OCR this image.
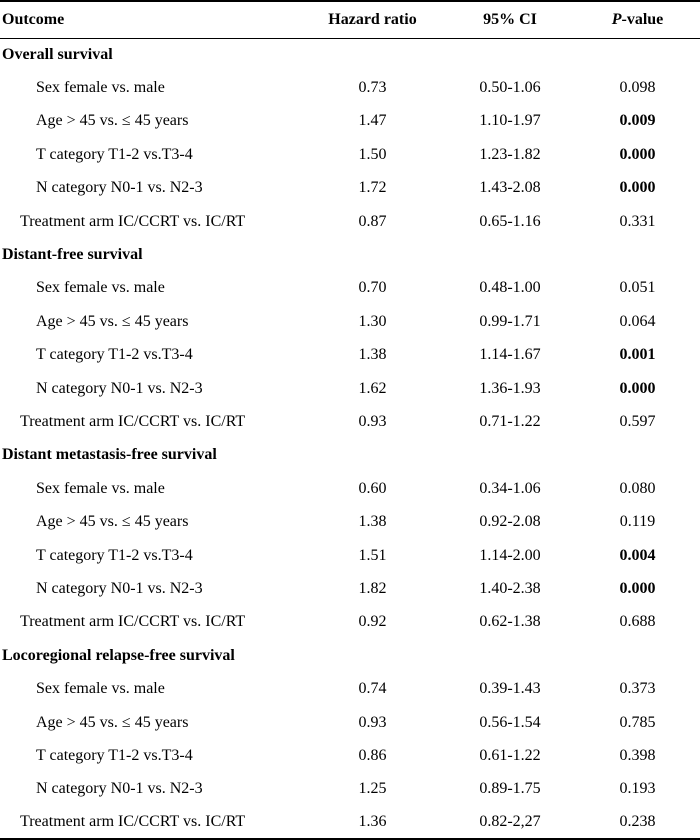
Outcome	Hazard ratio	95% CI	P-value
Overall survival			
Sex female vs. male	0.73	0.50-1.06	0.098
Age > 45 vs. ≤ 45 years	1.47	1.10-1.97	0.009
T category T1-2 vs.T3-4	1.50	1.23-1.82	0.000
N category N0-1 vs. N2-3	1.72	1.43-2.08	0.000
Treatment arm IC/CCRT vs. IC/RT	0.87	0.65-1.16	0.331
Distant-free survival			
Sex female vs. male	0.70	0.48-1.00	0.051
Age > 45 vs. ≤ 45 years	1.30	0.99-1.71	0.064
T category T1-2 vs.T3-4	1.38	1.14-1.67	0.001
N category N0-1 vs. N2-3	1.62	1.36-1.93	0.000
Treatment arm IC/CCRT vs. IC/RT	0.93	0.71-1.22	0.597
Distant metastasis-free survival			
Sex female vs. male	0.60	0.34-1.06	0.080
Age > 45 vs. ≤ 45 years	1.38	0.92-2.08	0.119
T category T1-2 vs.T3-4	1.51	1.14-2.00	0.004
N category N0-1 vs. N2-3	1.82	1.40-2.38	0.000
Treatment arm IC/CCRT vs. IC/RT	0.92	0.62-1.38	0.688
Locoregional relapse-free survival			
Sex female vs. male	0.74	0.39-1.43	0.373
Age > 45 vs. ≤ 45 years	0.93	0.56-1.54	0.785
T category T1-2 vs.T3-4	0.86	0.61-1.22	0.398
N category N0-1 vs. N2-3	1.25	0.89-1.75	0.193
Treatment arm IC/CCRT vs. IC/RT	1.36	0.82-2,27	0.238
